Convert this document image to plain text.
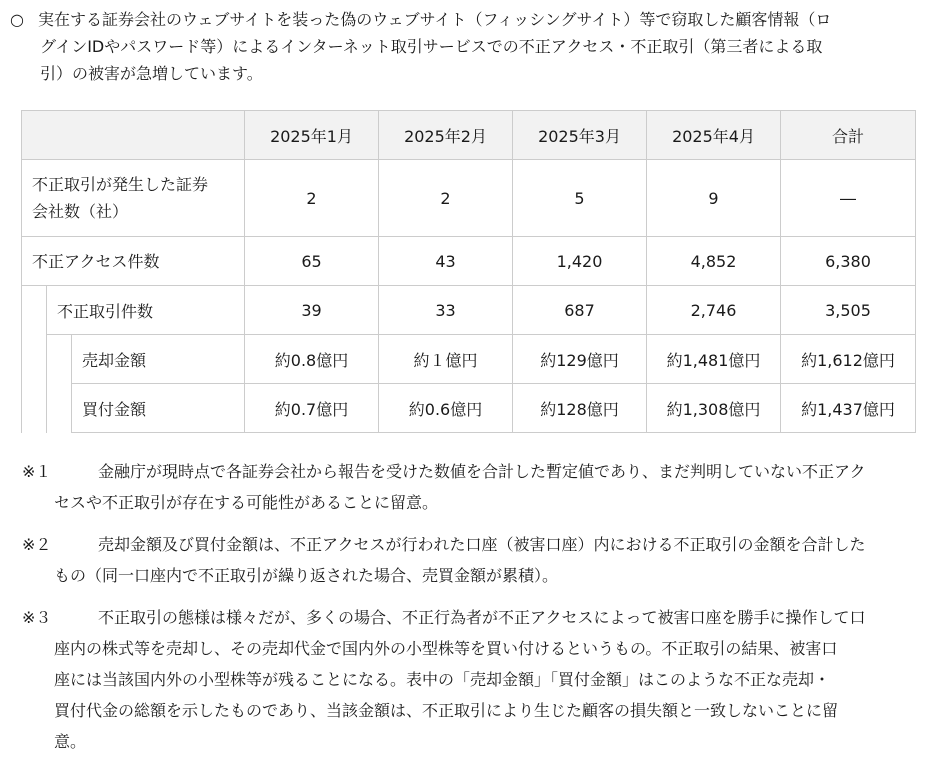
○ 実在する証券会社のウェブサイトを装った偽のウェブサイト（フィッシングサイト）等で窃取した顧客情報（ロ
グインIDやパスワード等）によるインターネット取引サービスでの不正アクセス・不正取引（第三者による取
引）の被害が急増しています。
			2025年1月	2025年2月	2025年3月	2025年4月	合計

不正取引が発生した証券
会社数（社）			2	2	5	9	―
不正アクセス件数			65	43	1,420	4,852	6,380
	不正取引件数		39	33	687	2,746	3,505
		売却金額	約0.8億円	約１億円	約129億円	約1,481億円	約1,612億円
		買付金額	約0.7億円	約0.6億円	約128億円	約1,308億円	約1,437億円
※１	金融庁が現時点で各証券会社から報告を受けた数値を合計した暫定値であり、まだ判明していない不正アク
セスや不正取引が存在する可能性があることに留意。
※２	売却金額及び買付金額は、不正アクセスが行われた口座（被害口座）内における不正取引の金額を合計した
もの（同一口座内で不正取引が繰り返された場合、売買金額が累積）。
※３	不正取引の態様は様々だが、多くの場合、不正行為者が不正アクセスによって被害口座を勝手に操作して口
座内の株式等を売却し、その売却代金で国内外の小型株等を買い付けるというもの。不正取引の結果、被害口
座には当該国内外の小型株等が残ることになる。表中の「売却金額」「買付金額」はこのような不正な売却・
買付代金の総額を示したものであり、当該金額は、不正取引により生じた顧客の損失額と一致しないことに留
意。
